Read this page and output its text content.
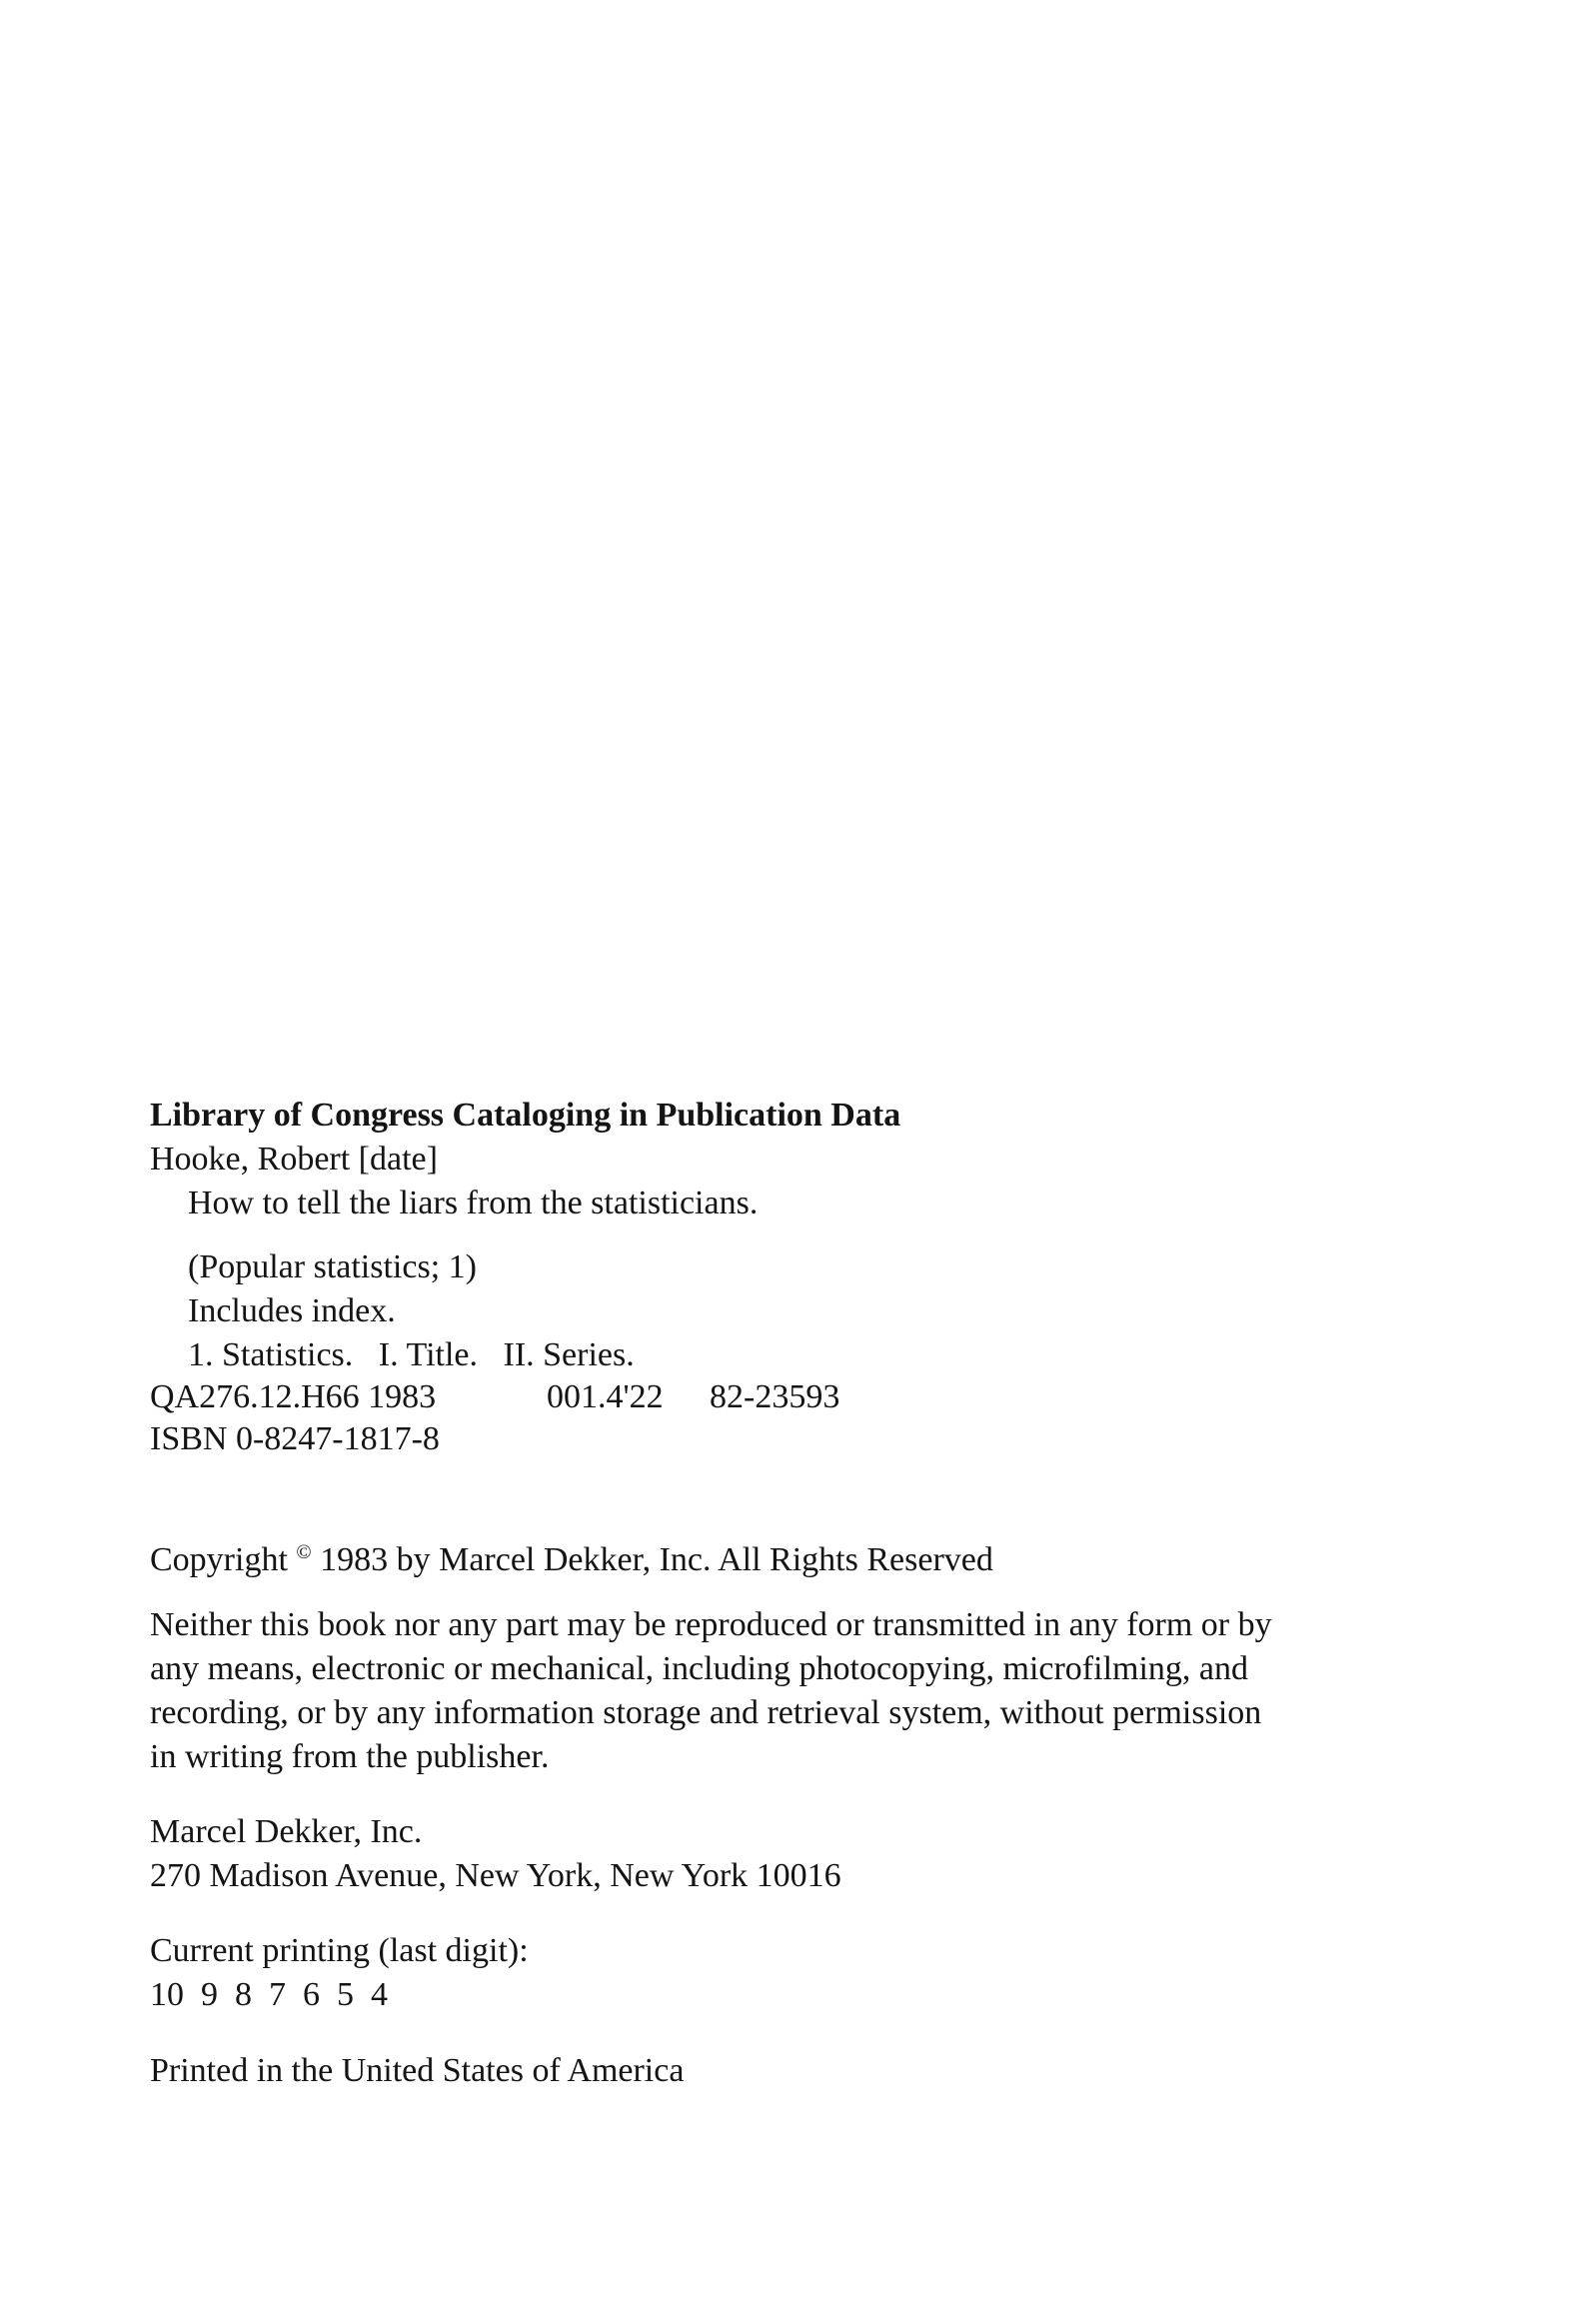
Library of Congress Cataloging in Publication Data
Hooke, Robert [date]
How to tell the liars from the statisticians.
(Popular statistics; 1)
Includes index.
1. Statistics.   I. Title.   II. Series.
QA276.12.H66 1983	001.4'22 82-23593
ISBN 0-8247-1817-8
Copyright © 1983 by Marcel Dekker, Inc. All Rights Reserved
Neither this book nor any part may be reproduced or transmitted in any form or by
any means, electronic or mechanical, including photocopying, microfilming, and
recording, or by any information storage and retrieval system, without permission
in writing from the publisher.
Marcel Dekker, Inc.
270 Madison Avenue, New York, New York 10016
Current printing (last digit):
10  9  8  7  6  5  4
Printed in the United States of America
